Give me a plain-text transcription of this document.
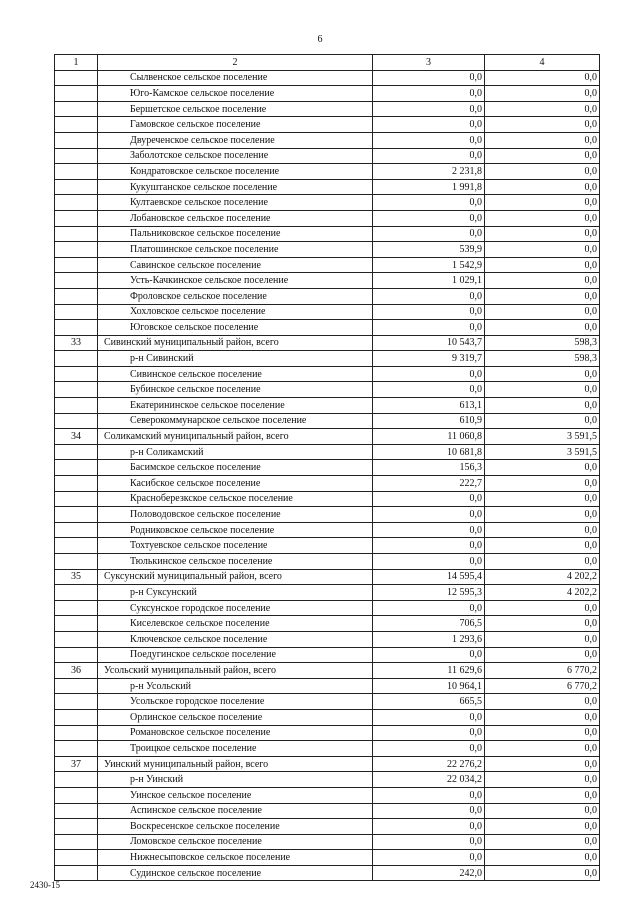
6
1	2	3	4
	Сылвенское сельское поселение	0,0	0,0
	Юго-Камское сельское поселение	0,0	0,0
	Бершетское сельское поселение	0,0	0,0
	Гамовское сельское поселение	0,0	0,0
	Двуреченское сельское поселение	0,0	0,0
	Заболотское сельское поселение	0,0	0,0
	Кондратовское сельское поселение	2 231,8	0,0
	Кукуштанское сельское поселение	1 991,8	0,0
	Култаевское сельское поселение	0,0	0,0
	Лобановское сельское поселение	0,0	0,0
	Пальниковское сельское поселение	0,0	0,0
	Платошинское сельское поселение	539,9	0,0
	Савинское сельское поселение	1 542,9	0,0
	Усть-Качкинское сельское поселение	1 029,1	0,0
	Фроловское сельское поселение	0,0	0,0
	Хохловское сельское поселение	0,0	0,0
	Юговское сельское поселение	0,0	0,0
33	Сивинский муниципальный район, всего	10 543,7	598,3
	р-н Сивинский	9 319,7	598,3
	Сивинское сельское поселение	0,0	0,0
	Бубинское сельское поселение	0,0	0,0
	Екатерининское сельское поселение	613,1	0,0
	Северокоммунарское сельское поселение	610,9	0,0
34	Соликамский муниципальный район, всего	11 060,8	3 591,5
	р-н Соликамский	10 681,8	3 591,5
	Басимское сельское поселение	156,3	0,0
	Касибское сельское поселение	222,7	0,0
	Красноберезкское сельское поселение	0,0	0,0
	Половодовское сельское поселение	0,0	0,0
	Родниковское сельское поселение	0,0	0,0
	Тохтуевское сельское поселение	0,0	0,0
	Тюлькинское сельское поселение	0,0	0,0
35	Суксунский муниципальный район, всего	14 595,4	4 202,2
	р-н Суксунский	12 595,3	4 202,2
	Суксунское городское поселение	0,0	0,0
	Киселевское сельское поселение	706,5	0,0
	Ключевское сельское поселение	1 293,6	0,0
	Поедугинское сельское поселение	0,0	0,0
36	Усольский муниципальный район, всего	11 629,6	6 770,2
	р-н Усольский	10 964,1	6 770,2
	Усольское городское поселение	665,5	0,0
	Орлинское сельское поселение	0,0	0,0
	Романовское сельское поселение	0,0	0,0
	Троицкое сельское поселение	0,0	0,0
37	Уинский муниципальный район, всего	22 276,2	0,0
	р-н Уинский	22 034,2	0,0
	Уинское сельское поселение	0,0	0,0
	Аспинское сельское поселение	0,0	0,0
	Воскресенское сельское поселение	0,0	0,0
	Ломовское сельское поселение	0,0	0,0
	Нижнесыповское сельское поселение	0,0	0,0
	Судинское сельское поселение	242,0	0,0
2430-15
